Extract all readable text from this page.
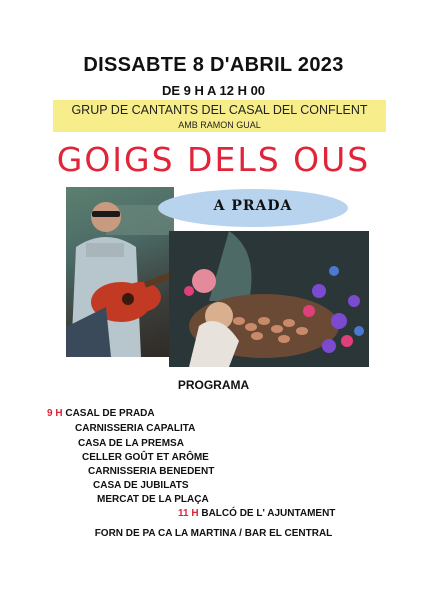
DISSABTE 8 D'ABRIL 2023
DE 9 H A 12 H 00
GRUP DE CANTANTS DEL CASAL DEL CONFLENT
AMB RAMON GUAL
GOIGS DELS OUS
A PRADA
PROGRAMA
9 H CASAL DE PRADA
CARNISSERIA CAPALITA
CASA DE LA PREMSA
CELLER GOÛT ET ARÔME
CARNISSERIA BENEDENT
CASA DE JUBILATS
MERCAT DE LA PLAÇA
11 H BALCÓ DE L' AJUNTAMENT
FORN DE PA CA LA MARTINA / BAR EL CENTRAL
